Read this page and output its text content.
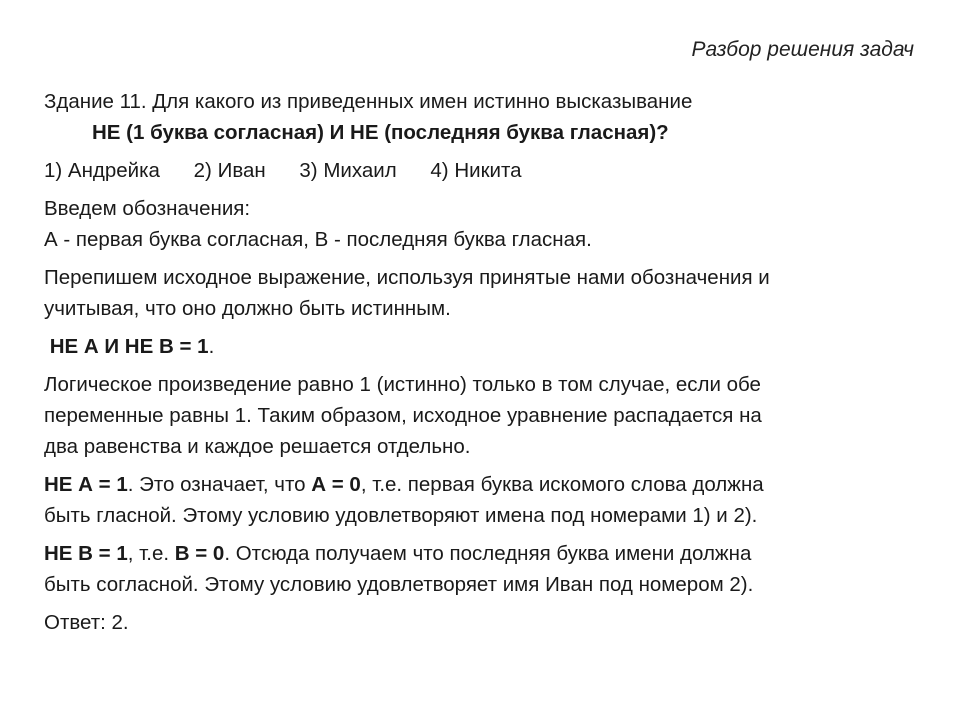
Разбор решения задач

Здание 11. Для какого из приведенных имен истинно высказывание
НЕ (1 буква согласная) И НЕ (последняя буква гласная)?

1) Андрейка 2) Иван 3) Михаил 4) Никита

Введем обозначения:
А - первая буква согласная, В - последняя буква гласная.

Перепишем исходное выражение, используя принятые нами обозначения и
учитывая, что оно должно быть истинным.

НЕ А И НЕ В = 1.

Логическое произведение равно 1 (истинно) только в том случае, если обе
переменные равны 1. Таким образом, исходное уравнение распадается на
два равенства и каждое решается отдельно.

НЕ А = 1. Это означает, что А = 0, т.е. первая буква искомого слова должна
быть гласной. Этому условию удовлетворяют имена под номерами 1) и 2).

НЕ В = 1, т.е. В = 0. Отсюда получаем что последняя буква имени должна
быть согласной. Этому условию удовлетворяет имя Иван под номером 2).

Ответ: 2.
